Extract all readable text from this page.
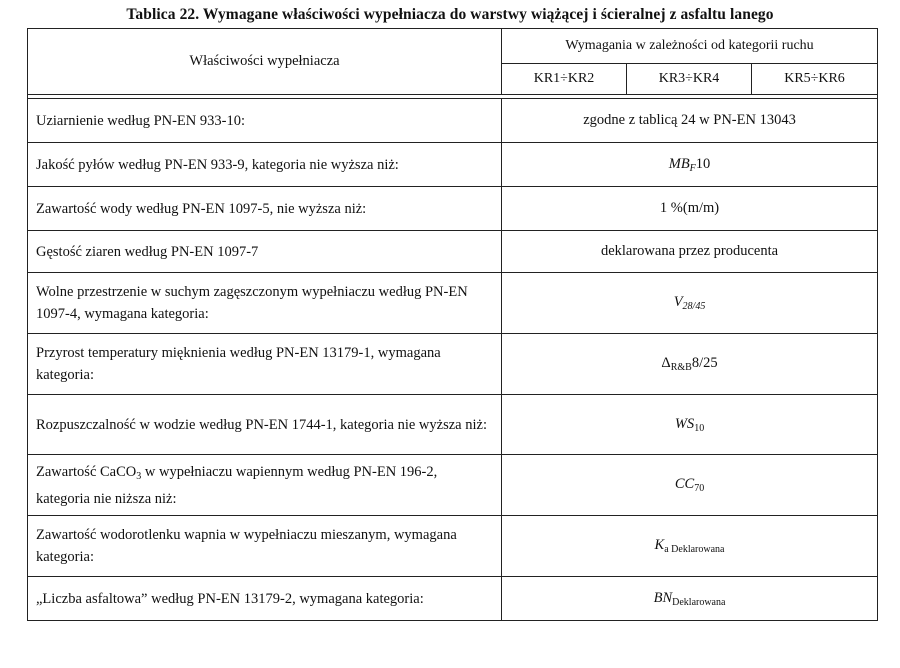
Tablica 22. Wymagane właściwości wypełniacza do warstwy wiążącej i ścieralnej z asfaltu lanego
Właściwości wypełniacza	Wymagania w zależności od kategorii ruchu		
	KR1÷KR2	KR3÷KR4	KR5÷KR6

Uziarnienie według PN-EN 933-10:	zgodne z tablicą 24 w PN-EN 13043		
Jakość pyłów według PN-EN 933-9, kategoria nie wyższa niż:	$MB_F10$		
Zawartość wody według PN-EN 1097-5, nie wyższa niż:	1 %(m/m)		
Gęstość ziaren według PN-EN 1097-7	deklarowana przez producenta		
Wolne przestrzenie w suchym zagęszczonym wypełniaczu według PN-EN 1097-4, wymagana kategoria:	$V_{28/45}$
Przyrost temperatury mięknienia według PN-EN 13179-1, wymagana kategoria:	$\Delta_{R\&B}8/25$		
Rozpuszczalność w wodzie według PN-EN 1744-1, kategoria nie wyższa niż:	$WS_{10}$
Zawartość CaCO$_3$ w wypełniaczu wapiennym według PN-EN 196-2, kategoria nie niższa niż:	$CC_{70}$
Zawartość wodorotlenku wapnia w wypełniaczu mieszanym, wymagana kategoria:	$K_{a Deklarowana}$
„Liczba asfaltowa” według PN-EN 13179-2, wymagana kategoria:	$BN_{Deklarowana}$
